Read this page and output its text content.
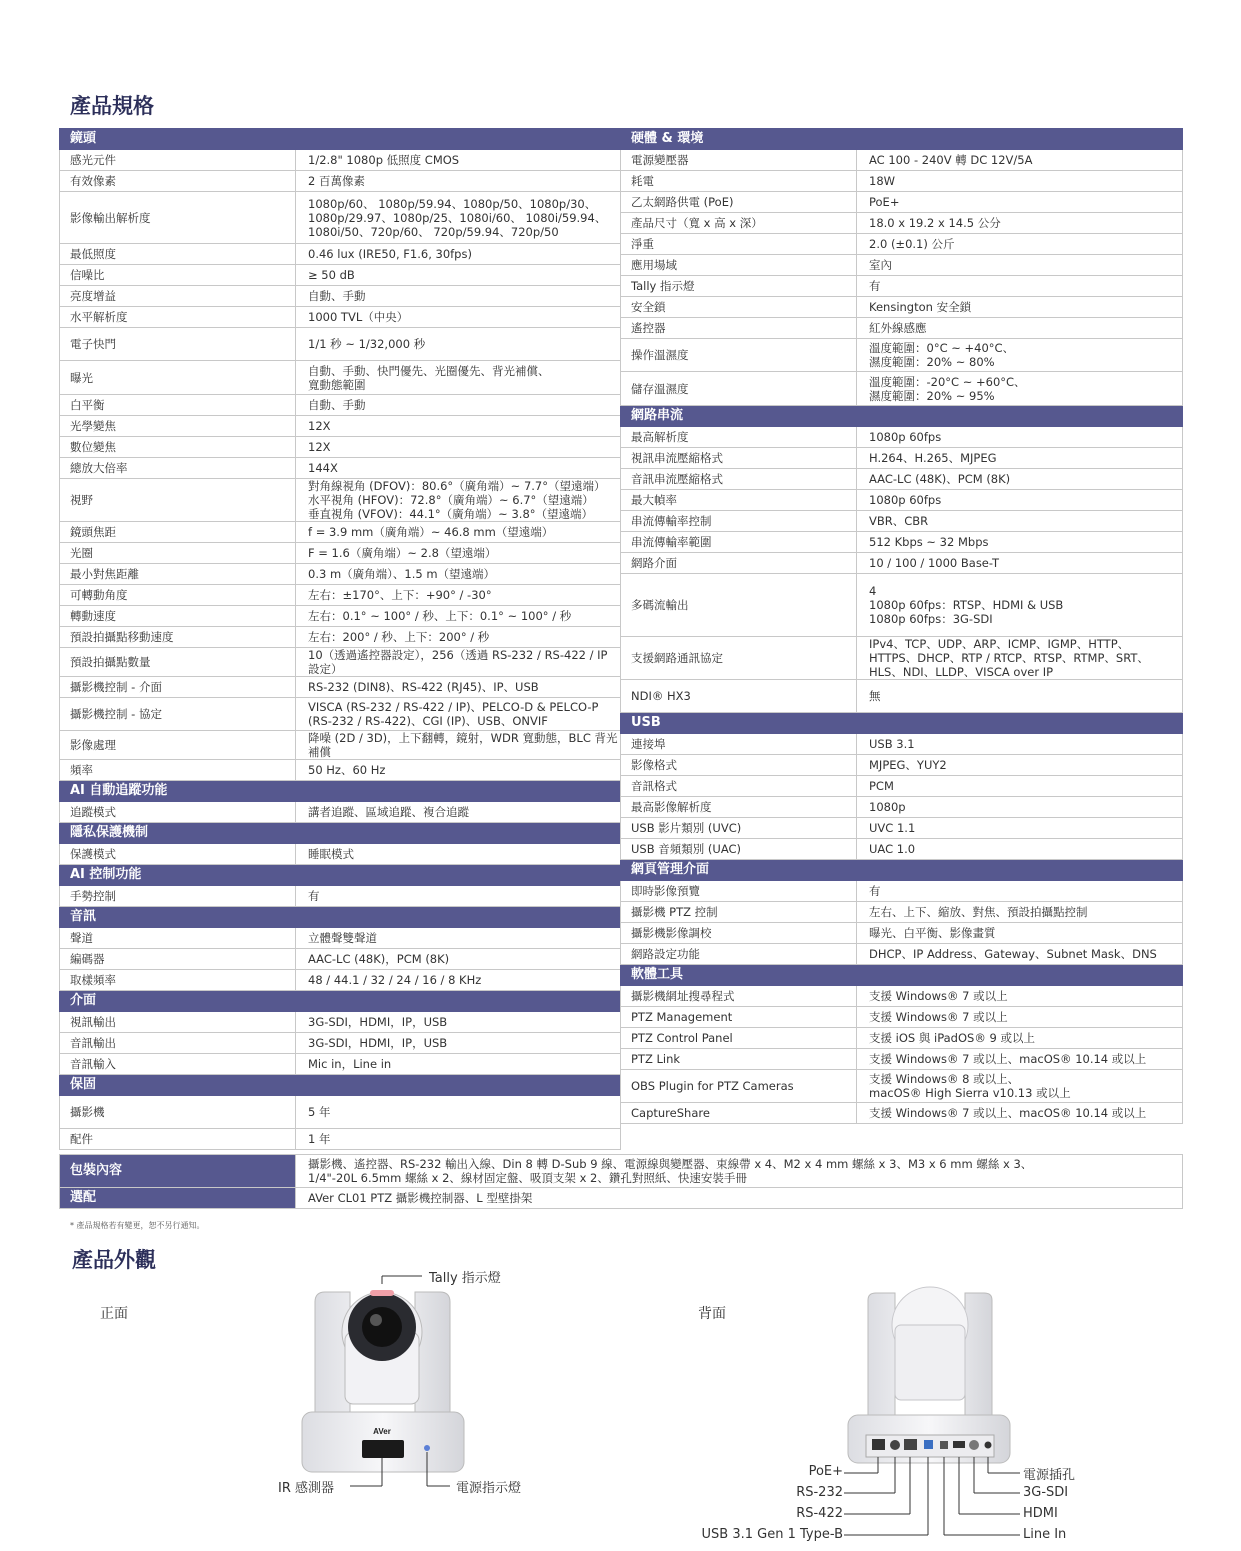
產品規格
鏡頭	
感光元件	1/2.8" 1080p 低照度 CMOS
有效像素	2 百萬像素
影像輸出解析度	1080p/60、 1080p/59.94、1080p/50、1080p/30、
1080p/29.97、1080p/25、1080i/60、 1080i/59.94、
1080i/50、720p/60、 720p/59.94、720p/50

最低照度	0.46 lux (IRE50, F1.6, 30fps)
信噪比	≥ 50 dB
亮度增益	自動、手動
水平解析度	1000 TVL（中央）
電子快門	1/1 秒 ~ 1/32,000 秒
曝光	自動、手動、快門優先、光圈優先、背光補償、
寬動態範圍

白平衡	自動、手動
光學變焦	12X
數位變焦	12X
總放大倍率	144X
視野	對角線視角 (DFOV)：80.6°（廣角端）~ 7.7°（望遠端）
水平視角 (HFOV)：72.8°（廣角端）~ 6.7°（望遠端）
垂直視角 (VFOV)：44.1°（廣角端）~ 3.8°（望遠端）

鏡頭焦距	f = 3.9 mm（廣角端）~ 46.8 mm（望遠端）
光圈	F = 1.6（廣角端）~ 2.8（望遠端）
最小對焦距離	0.3 m（廣角端）、1.5 m（望遠端）
可轉動角度	左右：±170°、上下：+90° / -30°
轉動速度	左右：0.1° ~ 100° / 秒、上下：0.1° ~ 100° / 秒
預設拍攝點移動速度	左右：200° / 秒、上下：200° / 秒
預設拍攝點數量	10（透過遙控器設定），256（透過 RS-232 / RS-422 / IP 設定）
攝影機控制 - 介面	RS-232 (DIN8)、RS-422 (RJ45)、IP、USB
攝影機控制 - 協定	VISCA (RS-232 / RS-422 / IP)、PELCO-D & PELCO-P
(RS-232 / RS-422)、CGI (IP)、USB、ONVIF

影像處理	降噪 (2D / 3D)，上下翻轉，鏡射，WDR 寬動態，BLC 背光補償
頻率	50 Hz、60 Hz
AI 自動追蹤功能	
追蹤模式	講者追蹤、區域追蹤、複合追蹤
隱私保護機制	
保護模式	睡眠模式
AI 控制功能	
手勢控制	有
音訊	
聲道	立體聲雙聲道
編碼器	AAC-LC (48K)，PCM (8K)
取樣頻率	48 / 44.1 / 32 / 24 / 16 / 8 KHz
介面	
視訊輸出	3G-SDI，HDMI，IP，USB
音訊輸出	3G-SDI，HDMI，IP，USB
音訊輸入	Mic in，Line in
保固	
攝影機	5 年
配件	1 年
硬體 & 環境	
電源變壓器	AC 100 - 240V 轉 DC 12V/5A
耗電	18W
乙太網路供電 (PoE)	PoE+
產品尺寸（寬 x 高 x 深）	18.0 x 19.2 x 14.5 公分
淨重	2.0 (±0.1) 公斤
應用場域	室內
Tally 指示燈	有
安全鎖	Kensington 安全鎖
遙控器	紅外線感應
操作溫濕度	溫度範圍：0°C ~ +40°C、
濕度範圍：20% ~ 80%

儲存溫濕度	溫度範圍：-20°C ~ +60°C、
濕度範圍：20% ~ 95%

網路串流	
最高解析度	1080p 60fps
視訊串流壓縮格式	H.264、H.265、MJPEG
音訊串流壓縮格式	AAC-LC (48K)、PCM (8K)
最大幀率	1080p 60fps
串流傳輸率控制	VBR、CBR
串流傳輸率範圍	512 Kbps ~ 32 Mbps
網路介面	10 / 100 / 1000 Base-T
多碼流輸出	4
1080p 60fps：RTSP、HDMI & USB
1080p 60fps：3G-SDI

支援網路通訊協定	IPv4、TCP、UDP、ARP、ICMP、IGMP、HTTP、
HTTPS、DHCP、RTP / RTCP、RTSP、RTMP、SRT、
HLS、NDI、LLDP、VISCA over IP

NDI® HX3	無
USB	
連接埠	USB 3.1
影像格式	MJPEG、YUY2
音訊格式	PCM
最高影像解析度	1080p
USB 影片類別 (UVC)	UVC 1.1
USB 音頻類別 (UAC)	UAC 1.0
網頁管理介面	
即時影像預覽	有
攝影機 PTZ 控制	左右、上下、縮放、對焦、預設拍攝點控制
攝影機影像調校	曝光、白平衡、影像畫質
網路設定功能	DHCP、IP Address、Gateway、Subnet Mask、DNS
軟體工具	
攝影機網址搜尋程式	支援 Windows® 7 或以上
PTZ Management	支援 Windows® 7 或以上
PTZ Control Panel	支援 iOS 與 iPadOS® 9 或以上
PTZ Link	支援 Windows® 7 或以上、macOS® 10.14 或以上
OBS Plugin for PTZ Cameras	支援 Windows® 8 或以上、
macOS® High Sierra v10.13 或以上

CaptureShare	支援 Windows® 7 或以上、macOS® 10.14 或以上
包裝內容	攝影機、遙控器、RS-232 輸出入線、Din 8 轉 D-Sub 9 線、電源線與變壓器、束線帶 x 4、M2 x 4 mm 螺絲 x 3、M3 x 6 mm 螺絲 x 3、
1/4"-20L 6.5mm 螺絲 x 2、線材固定盤、吸頂支架 x 2、鑽孔對照紙、快速安裝手冊

選配	AVer CL01 PTZ 攝影機控制器、L 型壁掛架
* 產品規格若有變更，恕不另行通知。
產品外觀
正面	背面
AVer
Tally 指示燈
IR 感測器	電源指示燈
PoE+
RS-232
RS-422
USB 3.1 Gen 1 Type-B
電源插孔
3G-SDI
HDMI
Line In
